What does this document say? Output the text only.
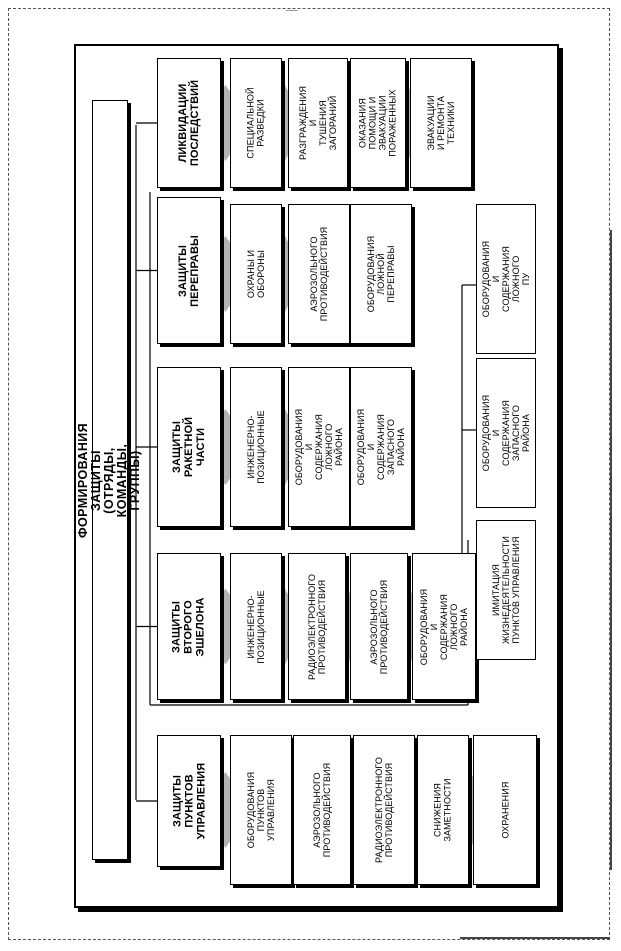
ФОРМИРОВАНИЯ ЗАЩИТЫ (ОТРЯДЫ, КОМАНДЫ, ГРУППЫ)
ЗАЩИТЫ
ПУНКТОВ
УПРАВЛЕНИЯ	ОБОРУДОВАНИЯ
ПУНКТОВ
УПРАВЛЕНИЯ	АЭРОЗОЛЬНОГО
ПРОТИВОДЕЙСТВИЯ	РАДИОЭЛЕКТРОННОГО
ПРОТИВОДЕЙСТВИЯ	СНИЖЕНИЯ
ЗАМЕТНОСТИ	ОХРАНЕНИЯ
ЗАЩИТЫ
ВТОРОГО
ЭШЕЛОНА	ИНЖЕНЕРНО-
ПОЗИЦИОННЫЕ	РАДИОЭЛЕКТРОННОГО
ПРОТИВОДЕЙСТВИЯ	АЭРОЗОЛЬНОГО
ПРОТИВОДЕЙСТВИЯ	ОБОРУДОВАНИЯ И
СОДЕРЖАНИЯ ЛОЖНОГО
РАЙОНА
ЗАЩИТЫ
РАКЕТНОЙ
ЧАСТИ	ИНЖЕНЕРНО-
ПОЗИЦИОННЫЕ	ОБОРУДОВАНИЯ И
СОДЕРЖАНИЯ ЛОЖНОГО
РАЙОНА ОБОРУДОВАНИЯ И
СОДЕРЖАНИЯ ЗАПАСНОГО
РАЙОНА
ЗАЩИТЫ
ПЕРЕПРАВЫ	ОХРАНЫ И
ОБОРОНЫ	АЭРОЗОЛЬНОГО
ПРОТИВОДЕЙСТВИЯ	ОБОРУДОВАНИЯ
ЛОЖНОЙ ПЕРЕПРАВЫ
ЛИКВИДАЦИИ
ПОСЛЕДСТВИЙ	СПЕЦИАЛЬНОЙ
РАЗВЕДКИ	РАЗГРАЖДЕНИЯ И
ТУШЕНИЯ ЗАГОРАНИЙ ОКАЗАНИЯ ПОМОЩИ И
ЭВАКУАЦИИ
ПОРАЖЕННЫХ	ЭВАКУАЦИИ И РЕМОНТА
ТЕХНИКИ
ИМИТАЦИЯ
ЖИЗНЕДЕЯТЕЛЬНОСТИ
ПУНКТОВ УПРАВЛЕНИЯ
ОБОРУДОВАНИЯ И
СОДЕРЖАНИЯ ЗАПАСНОГО
РАЙОНА
ОБОРУДОВАНИЯ И
СОДЕРЖАНИЯ ЛОЖНОГО
ПУ
